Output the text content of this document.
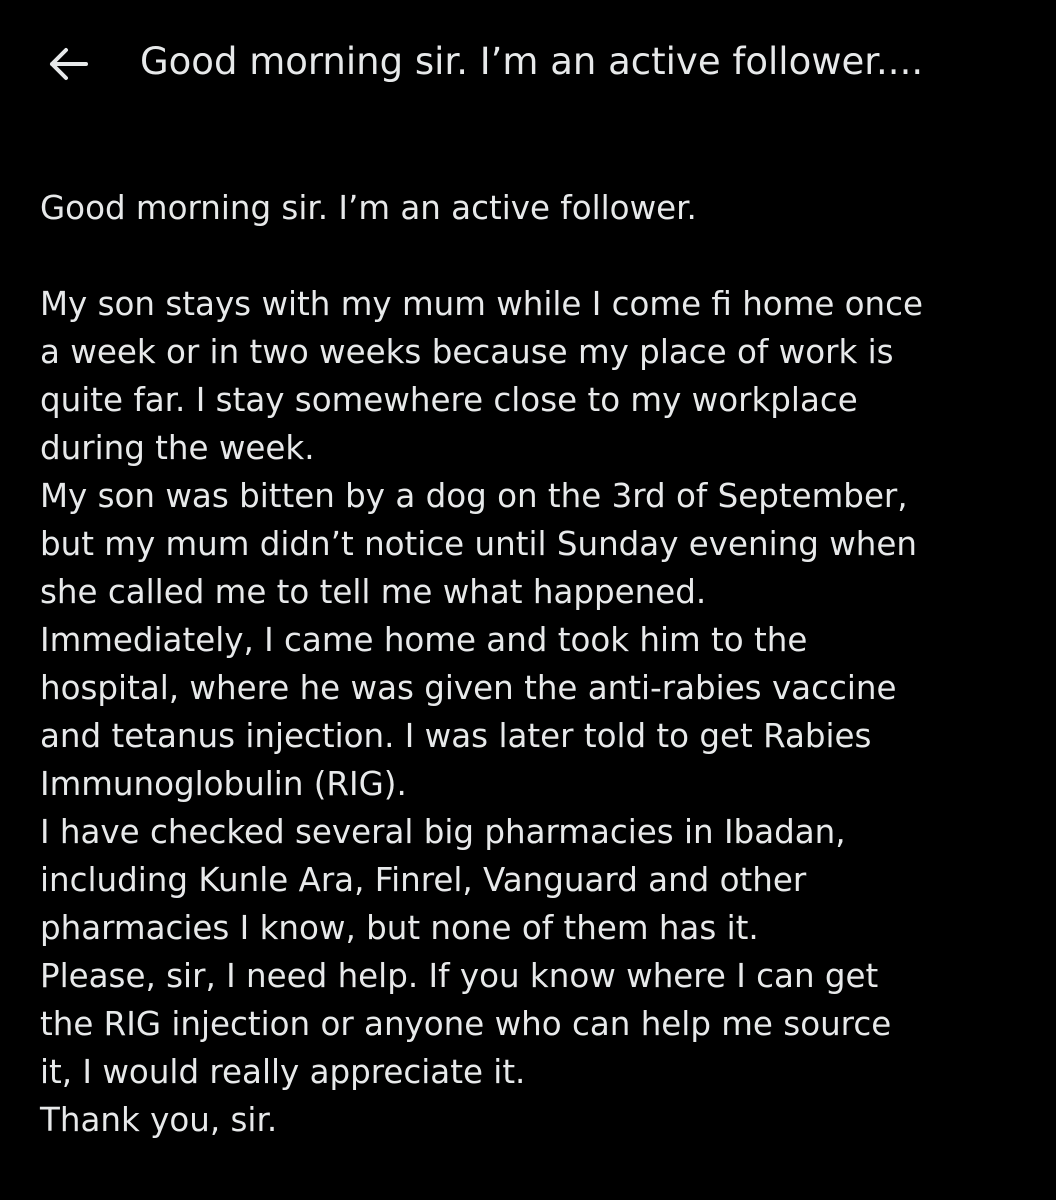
Good morning sir. I’m an active follower....

Good morning sir. I’m an active follower.

My son stays with my mum while I come fi home once
a week or in two weeks because my place of work is
quite far. I stay somewhere close to my workplace
during the week.
My son was bitten by a dog on the 3rd of September,
but my mum didn’t notice until Sunday evening when
she called me to tell me what happened.
Immediately, I came home and took him to the
hospital, where he was given the anti-rabies vaccine
and tetanus injection. I was later told to get Rabies
Immunoglobulin (RIG).
I have checked several big pharmacies in Ibadan,
including Kunle Ara, Finrel, Vanguard and other
pharmacies I know, but none of them has it.
Please, sir, I need help. If you know where I can get
the RIG injection or anyone who can help me source
it, I would really appreciate it.
Thank you, sir.
